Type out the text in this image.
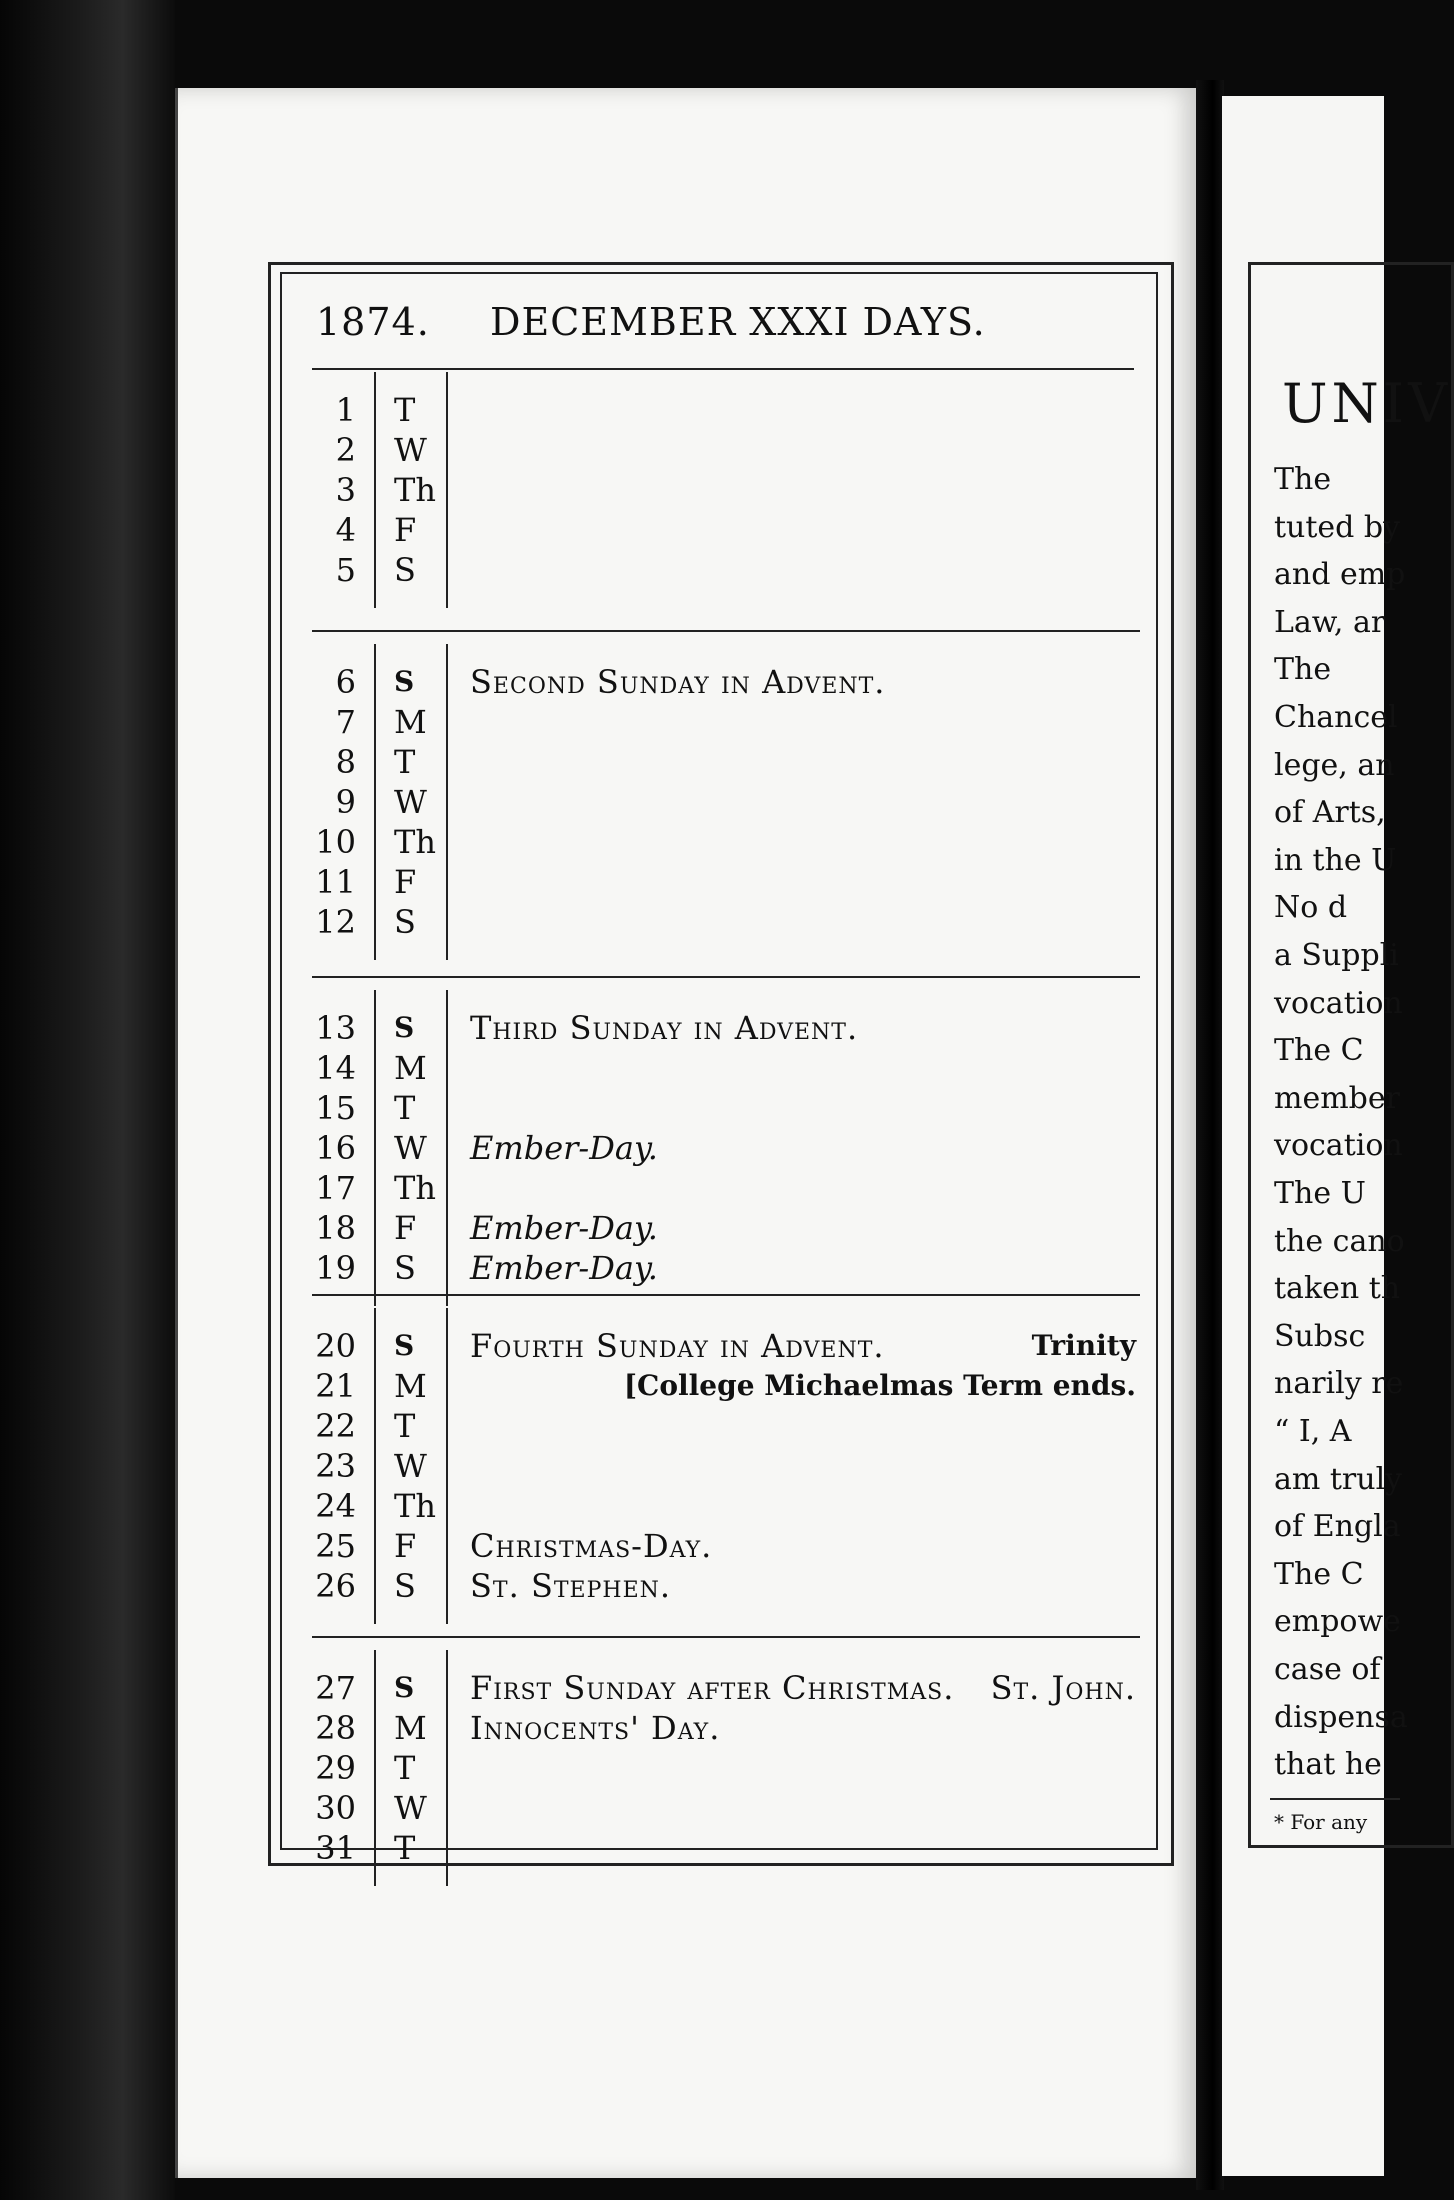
1874. DECEMBER XXXI DAYS.
1 T
2 W
3 Th
4 F
5 S
6 S	Second Sunday in Advent.
7 M
8 T
9 W
10 Th
11 F
12 S
13 S	Third Sunday in Advent.
14 M
15 T
16 W	Ember-Day.
17 Th
18 F	Ember-Day.
19 S	Ember-Day.
20 S	Fourth Sunday in Advent.	Trinity
21 M	[College Michaelmas Term ends.
22 T
23 W
24 Th
25 F	Christmas-Day.
26 S	St. Stephen.
27 S	First Sunday after Christmas. St. John.
28 M	Innocents' Day.
29 T
30 W
31 T
UNIV
The
tuted by
and emp
Law, ar
The
Chancel
lege, an
of Arts,
in the U
No d
a Suppli
vocation
The C
member
vocation
The U
the cano
taken th
Subsc
narily re
“ I, A
am truly
of Engla
The C
empowe
case of
dispensa
that he
* For any
